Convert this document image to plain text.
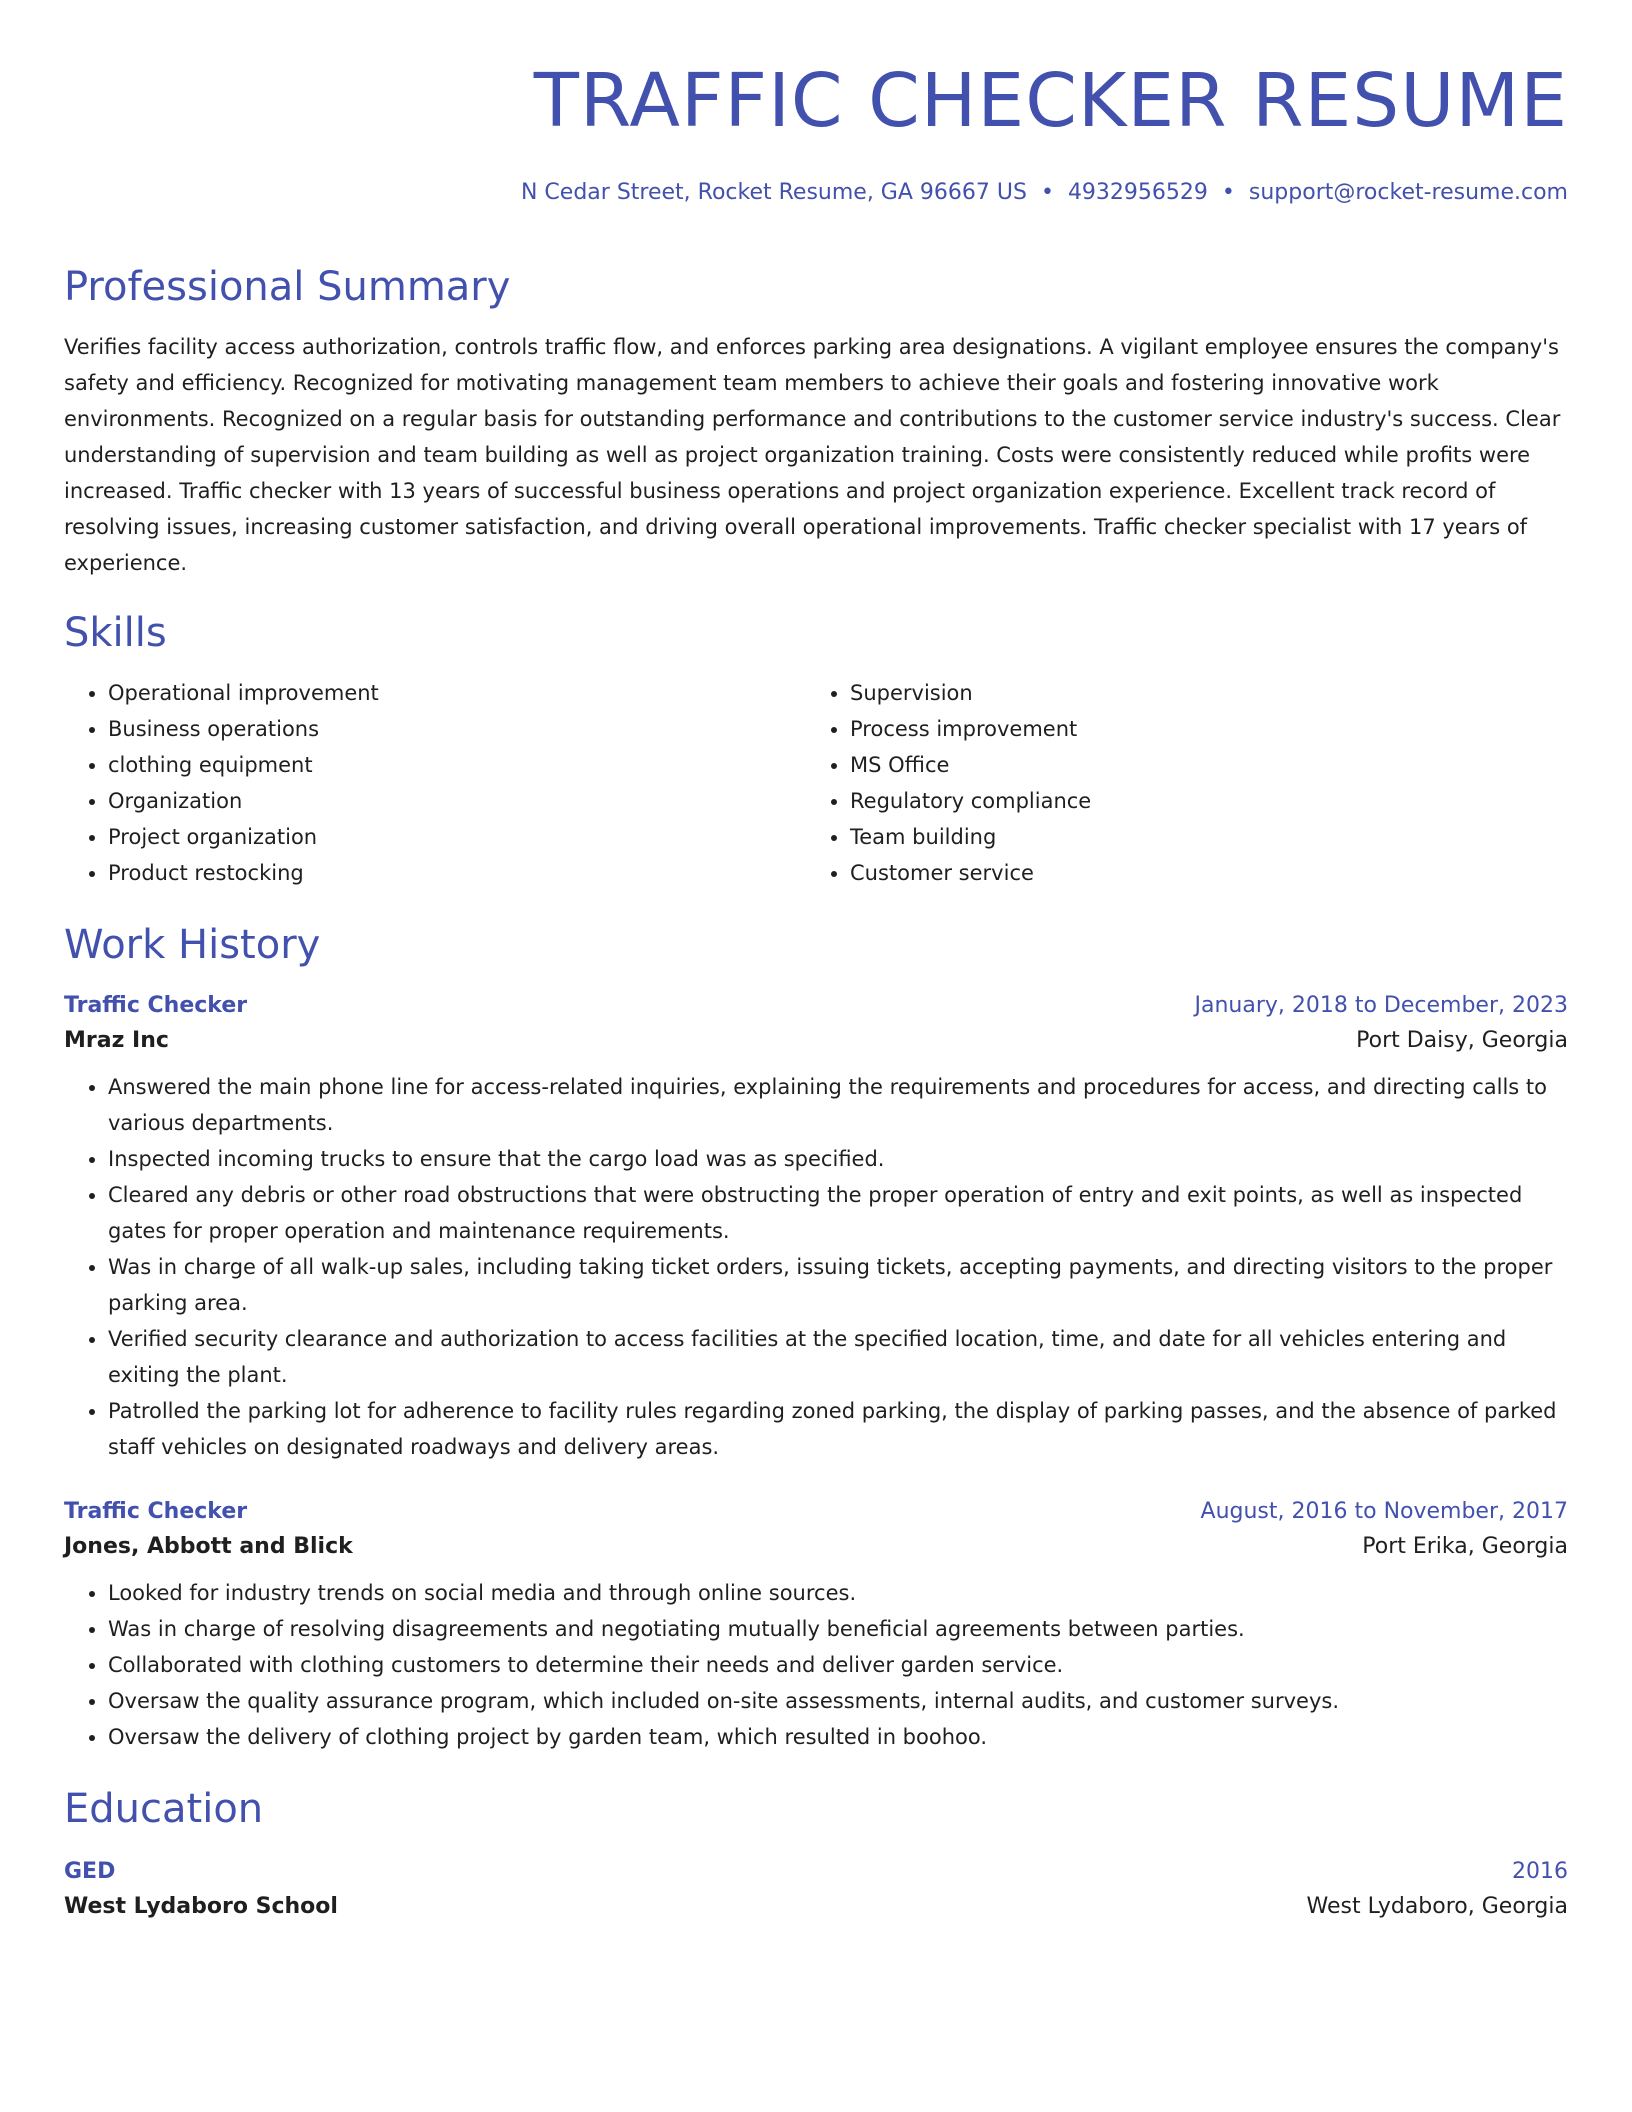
TRAFFIC CHECKER RESUME
N Cedar Street, Rocket Resume, GA 96667 US • 4932956529 • support@rocket-resume.com
Professional Summary
Verifies facility access authorization, controls traffic flow, and enforces parking area designations. A vigilant employee ensures the company's safety and efficiency. Recognized for motivating management team members to achieve their goals and fostering innovative work environments. Recognized on a regular basis for outstanding performance and contributions to the customer service industry's success. Clear understanding of supervision and team building as well as project organization training. Costs were consistently reduced while profits were increased. Traffic checker with 13 years of successful business operations and project organization experience. Excellent track record of resolving issues, increasing customer satisfaction, and driving overall operational improvements. Traffic checker specialist with 17 years of experience.
Skills
• Operational improvement
• Business operations
• clothing equipment
• Organization
• Project organization
• Product restocking
• Supervision
• Process improvement
• MS Office
• Regulatory compliance
• Team building
• Customer service
Work History
Traffic Checker	January, 2018 to December, 2023
Mraz Inc	Port Daisy, Georgia
• Answered the main phone line for access-related inquiries, explaining the requirements and procedures for access, and directing calls to various departments.
• Inspected incoming trucks to ensure that the cargo load was as specified.
• Cleared any debris or other road obstructions that were obstructing the proper operation of entry and exit points, as well as inspected gates for proper operation and maintenance requirements.
• Was in charge of all walk-up sales, including taking ticket orders, issuing tickets, accepting payments, and directing visitors to the proper parking area.
• Verified security clearance and authorization to access facilities at the specified location, time, and date for all vehicles entering and exiting the plant.
• Patrolled the parking lot for adherence to facility rules regarding zoned parking, the display of parking passes, and the absence of parked staff vehicles on designated roadways and delivery areas.
Traffic Checker	August, 2016 to November, 2017
Jones, Abbott and Blick	Port Erika, Georgia
• Looked for industry trends on social media and through online sources.
• Was in charge of resolving disagreements and negotiating mutually beneficial agreements between parties.
• Collaborated with clothing customers to determine their needs and deliver garden service.
• Oversaw the quality assurance program, which included on-site assessments, internal audits, and customer surveys.
• Oversaw the delivery of clothing project by garden team, which resulted in boohoo.
Education
GED	2016
West Lydaboro School	West Lydaboro, Georgia
